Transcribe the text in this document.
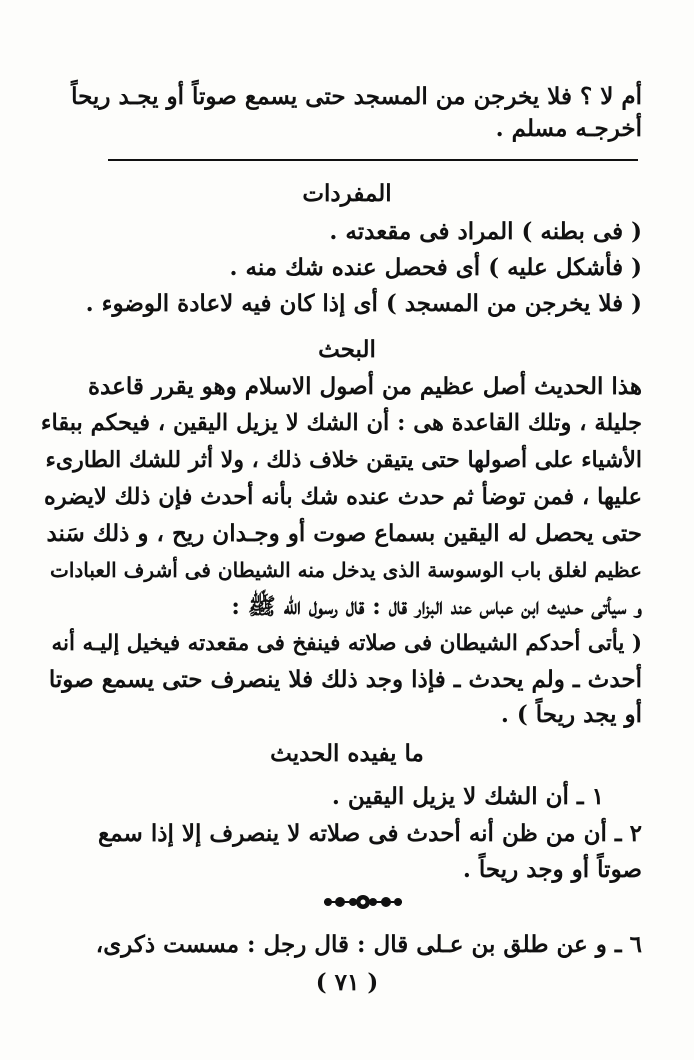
أم لا ؟ فلا يخرجن من المسجد حتى يسمع صوتاً أو يجـد ريحاً
أخرجـه مسلم .
المفردات
( فى بطنه ) المراد فى مقعدته .
( فأشكل عليه ) أى فحصل عنده شك منه .
( فلا يخرجن من المسجد ) أى إذا كان فيه لاعادة الوضوء .
البحث
هذا الحديث أصل عظيم من أصول الاسلام وهو يقرر قاعدة
جليلة ، وتلك القاعدة هى : أن الشك لا يزيل اليقين ، فيحكم ببقاء
الأشياء على أصولها حتى يتيقن خلاف ذلك ، ولا أثر للشك الطارىء
عليها ، فمن توضأ ثم حدث عنده شك بأنه أحدث فإن ذلك لايضره
حتى يحصل له اليقين بسماع صوت أو وجـدان ريح ، و ذلك سَند
عظيم لغلق باب الوسوسة الذى يدخل منه الشيطان فى أشرف العبادات
و سيأتى حـديث ابن عباس عند البزار قال : قال رسول الله ﷺ :
( يأتى أحدكم الشيطان فى صلاته فينفخ فى مقعدته فيخيل إليـه أنه
أحدث ـ ولم يحدث ـ فإذا وجد ذلك فلا ينصرف حتى يسمع صوتا
أو يجد ريحاً ) .
ما يفيده الحديث
١ ـ أن الشك لا يزيل اليقين .
٢ ـ أن من ظن أنه أحدث فى صلاته لا ينصرف إلا إذا سمع
صوتاً أو وجد ريحاً .
٦ ـ و عن طلق بن عـلى قال : قال رجل : مسست ذكرى،
( ٧١ )
